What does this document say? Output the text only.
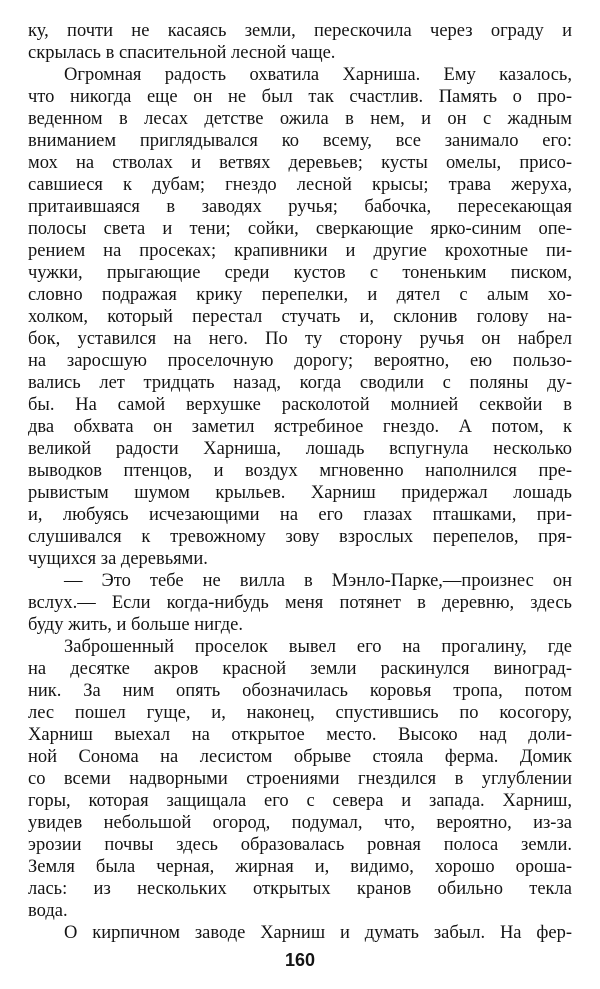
ку, почти не касаясь земли, перескочила через ограду и
скрылась в спасительной лесной чаще.
Огромная радость охватила Харниша. Ему казалось,
что никогда еще он не был так счастлив. Память о про-
веденном в лесах детстве ожила в нем, и он с жадным
вниманием приглядывался ко всему, все занимало его:
мох на стволах и ветвях деревьев; кусты омелы, присо-
савшиеся к дубам; гнездо лесной крысы; трава жеруха,
притаившаяся в заводях ручья; бабочка, пересекающая
полосы света и тени; сойки, сверкающие ярко-синим опе-
рением на просеках; крапивники и другие крохотные пи-
чужки, прыгающие среди кустов с тоненьким писком,
словно подражая крику перепелки, и дятел с алым хо-
холком, который перестал стучать и, склонив голову на-
бок, уставился на него. По ту сторону ручья он набрел
на заросшую проселочную дорогу; вероятно, ею пользо-
вались лет тридцать назад, когда сводили с поляны ду-
бы. На самой верхушке расколотой молнией секвойи в
два обхвата он заметил ястребиное гнездо. А потом, к
великой радости Харниша, лошадь вспугнула несколько
выводков птенцов, и воздух мгновенно наполнился пре-
рывистым шумом крыльев. Харниш придержал лошадь
и, любуясь исчезающими на его глазах пташками, при-
слушивался к тревожному зову взрослых перепелов, пря-
чущихся за деревьями.
— Это тебе не вилла в Мэнло-Парке,—произнес он
вслух.— Если когда-нибудь меня потянет в деревню, здесь
буду жить, и больше нигде.
Заброшенный проселок вывел его на прогалину, где
на десятке акров красной земли раскинулся виноград-
ник. За ним опять обозначилась коровья тропа, потом
лес пошел гуще, и, наконец, спустившись по косогору,
Харниш выехал на открытое место. Высоко над доли-
ной Сонома на лесистом обрыве стояла ферма. Домик
со всеми надворными строениями гнездился в углублении
горы, которая защищала его с севера и запада. Харниш,
увидев небольшой огород, подумал, что, вероятно, из-за
эрозии почвы здесь образовалась ровная полоса земли.
Земля была черная, жирная и, видимо, хорошо ороша-
лась: из нескольких открытых кранов обильно текла
вода.
О кирпичном заводе Харниш и думать забыл. На фер-
160
